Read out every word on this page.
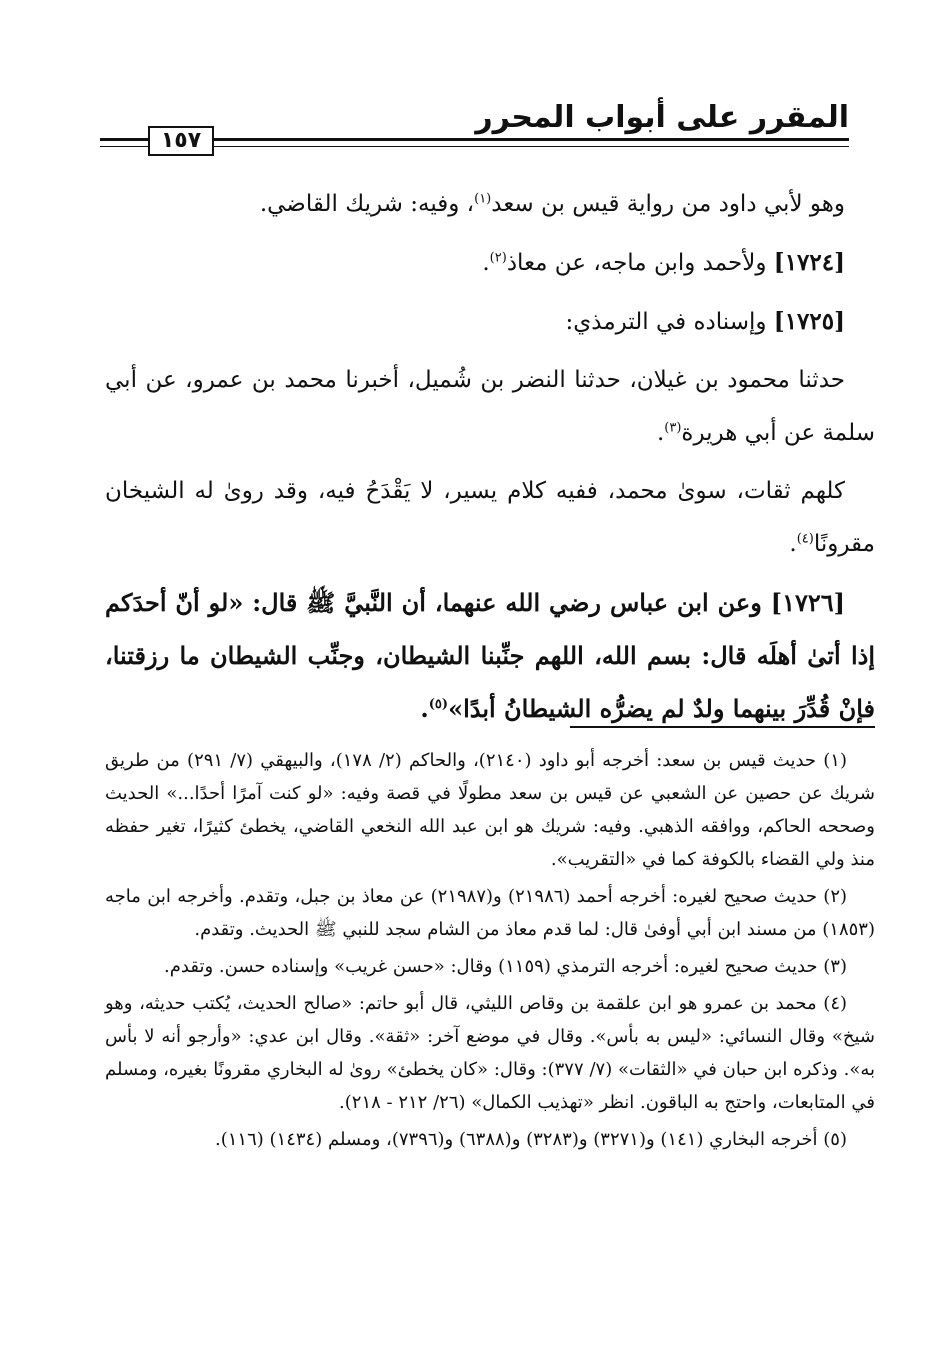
المقرر على أبواب المحرر
١٥٧

وهو لأبي داود من رواية قيس بن سعد$^{(١)}$، وفيه: شريك القاضي.

[١٧٢٤] ولأحمد وابن ماجه، عن معاذ$^{(٢)}$.

[١٧٢٥] وإسناده في الترمذي:

حدثنا محمود بن غيلان، حدثنا النضر بن شُميل، أخبرنا محمد بن عمرو، عن أبي سلمة عن أبي هريرة$^{(٣)}$.

كلهم ثقات، سوىٰ محمد، ففيه كلام يسير، لا يَقْدَحُ فيه، وقد روىٰ له الشيخان مقرونًا$^{(٤)}$.

[١٧٢٦] وعن ابن عباس رضي الله عنهما، أن النَّبيَّ ﷺ قال: «لو أنّ أحدَكم إذا أتىٰ أهلَه قال: بسم الله، اللهم جنِّبنا الشيطان، وجنِّب الشيطان ما رزقتنا، فإنْ قُدِّرَ بينهما ولدٌ لم يضرُّه الشيطانُ أبدًا»$^{(٥)}$.

(١) حديث قيس بن سعد: أخرجه أبو داود (٢١٤٠)، والحاكم (٢/ ١٧٨)، والبيهقي (٧/ ٢٩١) من طريق شريك عن حصين عن الشعبي عن قيس بن سعد مطولًا في قصة وفيه: «لو كنت آمرًا أحدًا...» الحديث وصححه الحاكم، ووافقه الذهبي. وفيه: شريك هو ابن عبد الله النخعي القاضي، يخطئ كثيرًا، تغير حفظه منذ ولي القضاء بالكوفة كما في «التقريب».

(٢) حديث صحيح لغيره: أخرجه أحمد (٢١٩٨٦) و(٢١٩٨٧) عن معاذ بن جبل، وتقدم. وأخرجه ابن ماجه (١٨٥٣) من مسند ابن أبي أوفىٰ قال: لما قدم معاذ من الشام سجد للنبي ﷺ الحديث. وتقدم.

(٣) حديث صحيح لغيره: أخرجه الترمذي (١١٥٩) وقال: «حسن غريب» وإسناده حسن. وتقدم.

(٤) محمد بن عمرو هو ابن علقمة بن وقاص الليثي، قال أبو حاتم: «صالح الحديث، يُكتب حديثه، وهو شيخ» وقال النسائي: «ليس به بأس». وقال في موضع آخر: «ثقة». وقال ابن عدي: «وأرجو أنه لا بأس به». وذكره ابن حبان في «الثقات» (٧/ ٣٧٧): وقال: «كان يخطئ» روىٰ له البخاري مقرونًا بغيره، ومسلم في المتابعات، واحتج به الباقون. انظر «تهذيب الكمال» (٢٦/ ٢١٢ - ٢١٨).

(٥) أخرجه البخاري (١٤١) و(٣٢٧١) و(٣٢٨٣) و(٦٣٨٨) و(٧٣٩٦)، ومسلم (١٤٣٤) (١١٦).
